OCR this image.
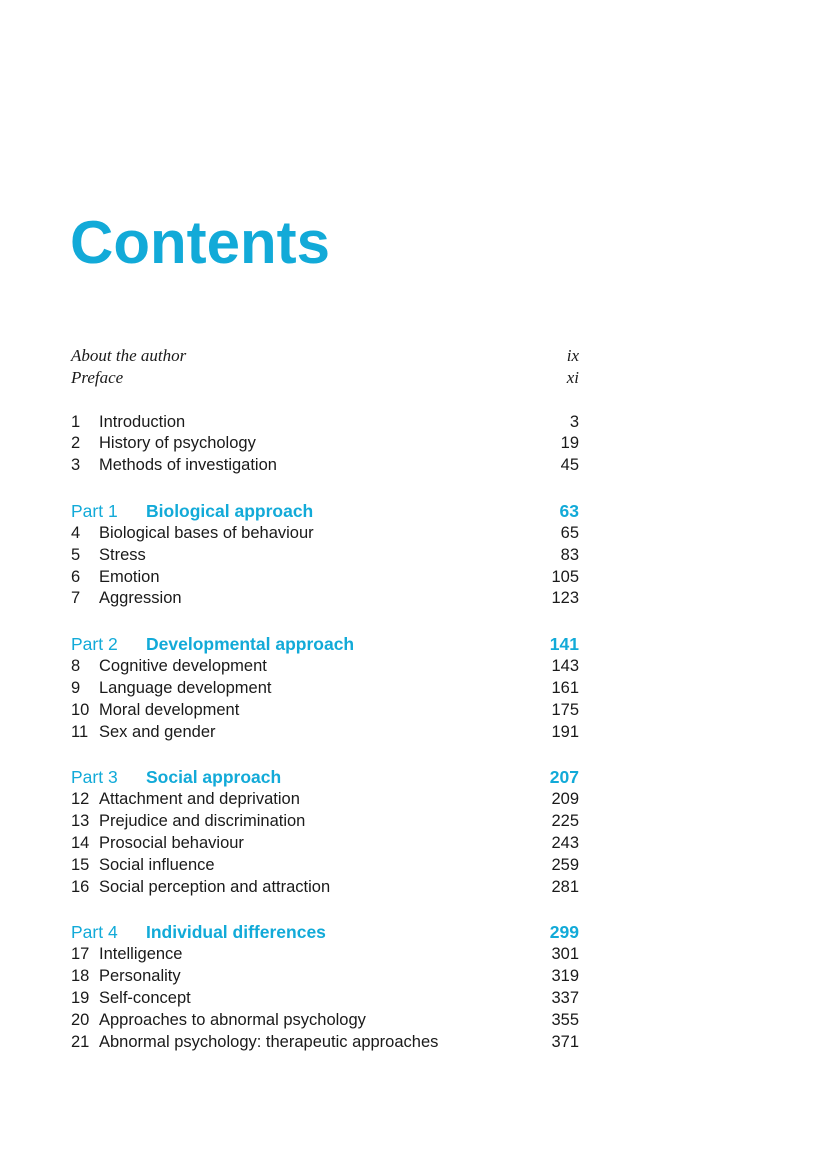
Contents
About the author	ix
Preface	xi
1	Introduction	3
2	History of psychology	19
3	Methods of investigation	45
Part 1	Biological approach	63
4	Biological bases of behaviour	65
5	Stress	83
6	Emotion	105
7	Aggression	123
Part 2	Developmental approach	141
8	Cognitive development	143
9	Language development	161
10 Moral development	175
11 Sex and gender	191
Part 3	Social approach	207
12 Attachment and deprivation	209
13 Prejudice and discrimination	225
14 Prosocial behaviour	243
15 Social influence	259
16 Social perception and attraction	281
Part 4	Individual differences	299
17 Intelligence	301
18 Personality	319
19 Self-concept	337
20 Approaches to abnormal psychology	355
21 Abnormal psychology: therapeutic approaches	371
